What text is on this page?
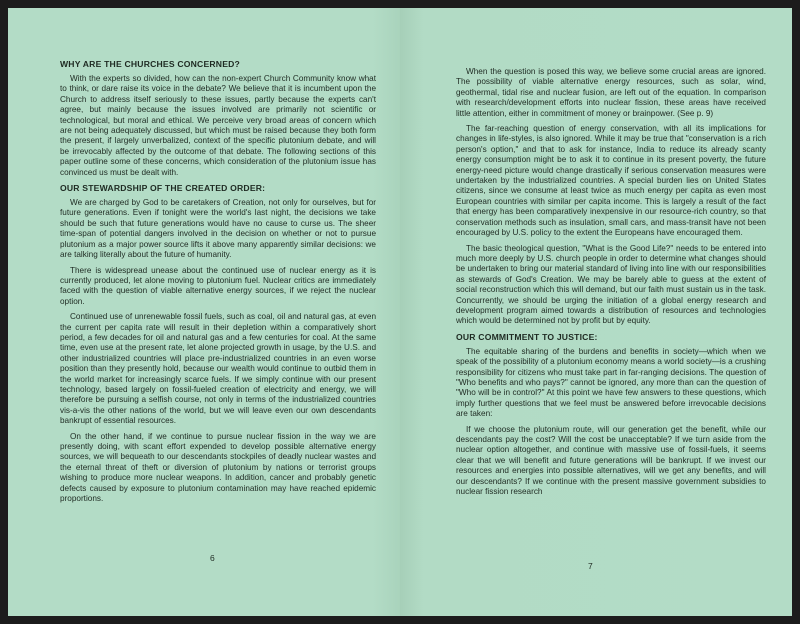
WHY ARE THE CHURCHES CONCERNED?

With the experts so divided, how can the non-expert Church Community know what to think, or dare raise its voice in the debate? We believe that it is incumbent upon the Church to address itself seriously to these issues, partly because the experts can't agree, but mainly because the issues involved are primarily not scientific or technological, but moral and ethical. We perceive very broad areas of concern which are not being adequately discussed, but which must be raised because they both form the present, if largely unverbalized, context of the specific plutonium debate, and will be irrevocably affected by the outcome of that debate. The following sections of this paper outline some of these concerns, which consideration of the plutonium issue has convinced us must be dealt with.

OUR STEWARDSHIP OF THE CREATED ORDER:

We are charged by God to be caretakers of Creation, not only for ourselves, but for future generations. Even if tonight were the world's last night, the decisions we take should be such that future generations would have no cause to curse us. The sheer time-span of potential dangers involved in the decision on whether or not to pursue plutonium as a major power source lifts it above many apparently similar decisions: we are talking literally about the future of humanity.

There is widespread unease about the continued use of nuclear energy as it is currently produced, let alone moving to plutonium fuel. Nuclear critics are immediately faced with the question of viable alternative energy sources, if we reject the nuclear option.

Continued use of unrenewable fossil fuels, such as coal, oil and natural gas, at even the current per capita rate will result in their depletion within a comparatively short period, a few decades for oil and natural gas and a few centuries for coal. At the same time, even use at the present rate, let alone projected growth in usage, by the U.S. and other industrialized countries will place pre-industrialized countries in an even worse position than they presently hold, because our wealth would continue to outbid them in the world market for increasingly scarce fuels. If we simply continue with our present technology, based largely on fossil-fueled creation of electricity and energy, we will therefore be pursuing a selfish course, not only in terms of the industrialized countries vis-a-vis the other nations of the world, but we will leave even our own descendants bankrupt of essential resources.

On the other hand, if we continue to pursue nuclear fission in the way we are presently doing, with scant effort expended to develop possible alternative energy sources, we will bequeath to our descendants stockpiles of deadly nuclear wastes and the eternal threat of theft or diversion of plutonium by nations or terrorist groups wishing to produce more nuclear weapons. In addition, cancer and probably genetic defects caused by exposure to plutonium contamination may have reached epidemic proportions.

6

When the question is posed this way, we believe some crucial areas are ignored. The possibility of viable alternative energy resources, such as solar, wind, geothermal, tidal rise and nuclear fusion, are left out of the equation. In comparison with research/development efforts into nuclear fission, these areas have received little attention, either in commitment of money or brainpower. (See p. 9)

The far-reaching question of energy conservation, with all its implications for changes in life-styles, is also ignored. While it may be true that "conservation is a rich person's option," and that to ask for instance, India to reduce its already scanty energy consumption might be to ask it to continue in its present poverty, the future energy-need picture would change drastically if serious conservation measures were undertaken by the industrialized countries. A special burden lies on United States citizens, since we consume at least twice as much energy per capita as even most European countries with similar per capita income. This is largely a result of the fact that energy has been comparatively inexpensive in our resource-rich country, so that conservation methods such as insulation, small cars, and mass-transit have not been encouraged by U.S. policy to the extent the Europeans have encouraged them.

The basic theological question, "What is the Good Life?" needs to be entered into much more deeply by U.S. church people in order to determine what changes should be undertaken to bring our material standard of living into line with our responsibilities as stewards of God's Creation. We may be barely able to guess at the extent of social reconstruction which this will demand, but our faith must sustain us in the task. Concurrently, we should be urging the initiation of a global energy research and development program aimed towards a distribution of resources and technologies which would be determined not by profit but by equity.

OUR COMMITMENT TO JUSTICE:

The equitable sharing of the burdens and benefits in society—which when we speak of the possibility of a plutonium economy means a world society—is a crushing responsibility for citizens who must take part in far-ranging decisions. The question of "Who benefits and who pays?" cannot be ignored, any more than can the question of "Who will be in control?" At this point we have few answers to these questions, which imply further questions that we feel must be answered before irrevocable decisions are taken:

If we choose the plutonium route, will our generation get the benefit, while our descendants pay the cost? Will the cost be unacceptable? If we turn aside from the nuclear option altogether, and continue with massive use of fossil-fuels, it seems clear that we will benefit and future generations will be bankrupt. If we invest our resources and energies into possible alternatives, will we get any benefits, and will our descendants? If we continue with the present massive government subsidies to nuclear fission research

7
